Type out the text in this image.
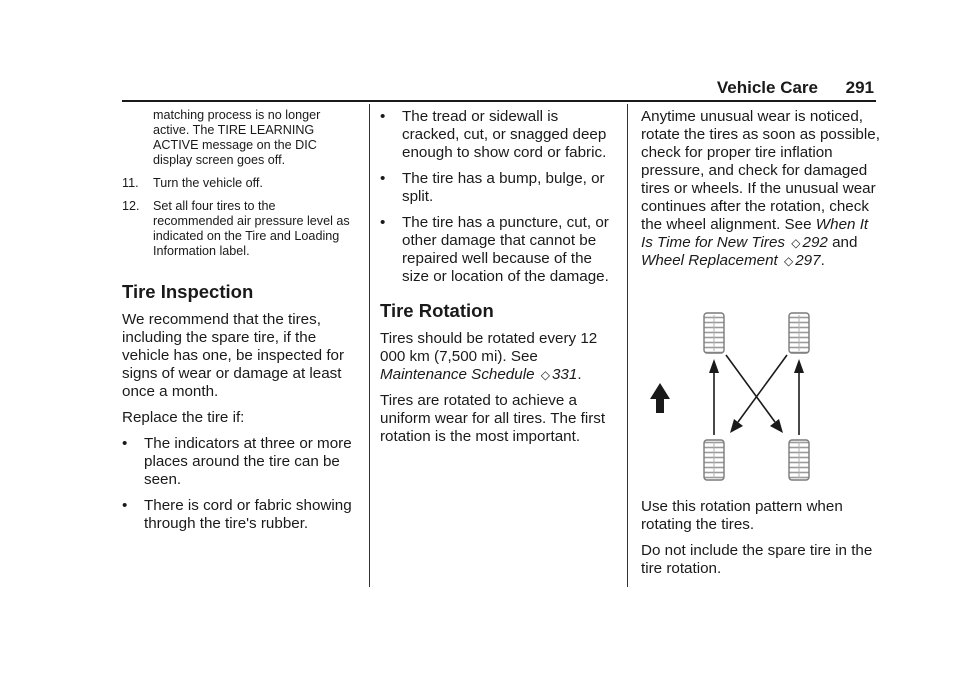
Vehicle Care 291
matching process is no longer active. The TIRE LEARNING ACTIVE message on the DIC display screen goes off.
11.	Turn the vehicle off.
12.	Set all four tires to the recommended air pressure level as indicated on the Tire and Loading Information label.
Tire Inspection

We recommend that the tires, including the spare tire, if the vehicle has one, be inspected for signs of wear or damage at least once a month.

Replace the tire if:

•	The indicators at three or more places around the tire can be seen.
•	There is cord or fabric showing through the tire's rubber.
•	The tread or sidewall is cracked, cut, or snagged deep enough to show cord or fabric.
•	The tire has a bump, bulge, or split.
•	The tire has a puncture, cut, or other damage that cannot be repaired well because of the size or location of the damage.
Tire Rotation

Tires should be rotated every 12 000 km (7,500 mi). See Maintenance Schedule ◇ 331.

Tires are rotated to achieve a uniform wear for all tires. The first rotation is the most important.

Anytime unusual wear is noticed, rotate the tires as soon as possible, check for proper tire inflation pressure, and check for damaged tires or wheels. If the unusual wear continues after the rotation, check the wheel alignment. See When It Is Time for New Tires ◇ 292 and Wheel Replacement ◇ 297.

Use this rotation pattern when rotating the tires.

Do not include the spare tire in the tire rotation.
